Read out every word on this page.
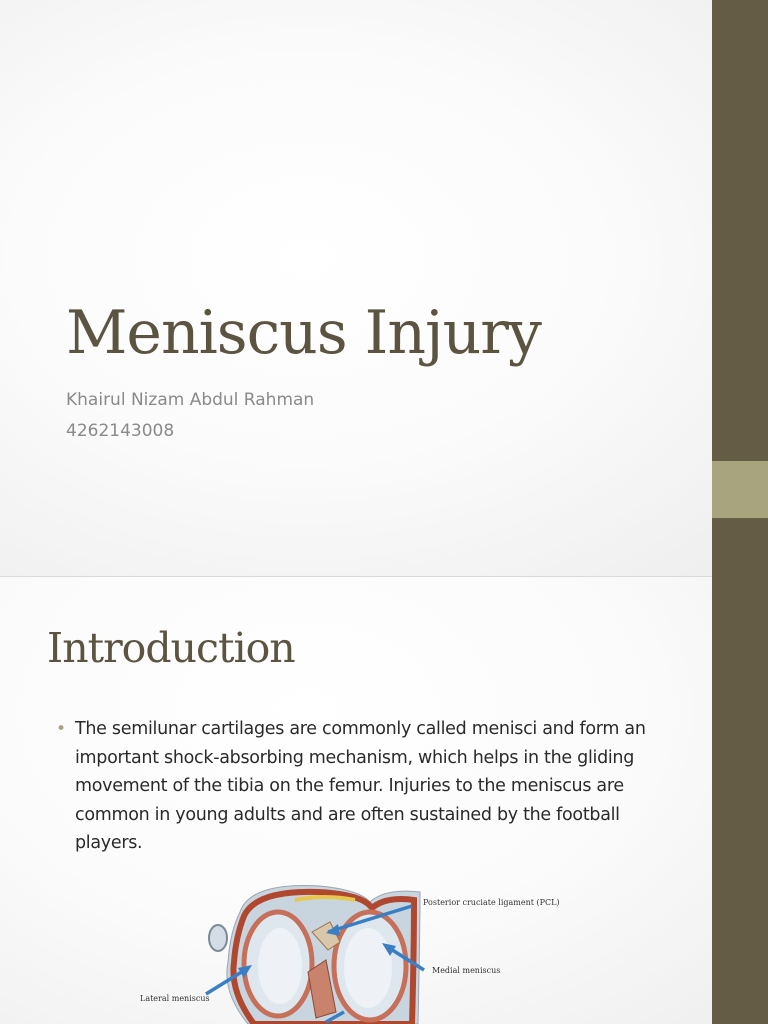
Meniscus Injury
Khairul Nizam Abdul Rahman
4262143008
Introduction
• The semilunar cartilages are commonly called menisci and form an important shock-absorbing mechanism, which helps in the gliding movement of the tibia on the femur. Injuries to the meniscus are common in young adults and are often sustained by the football players.
Posterior cruciate ligament (PCL)
Medial meniscus
Lateral meniscus
